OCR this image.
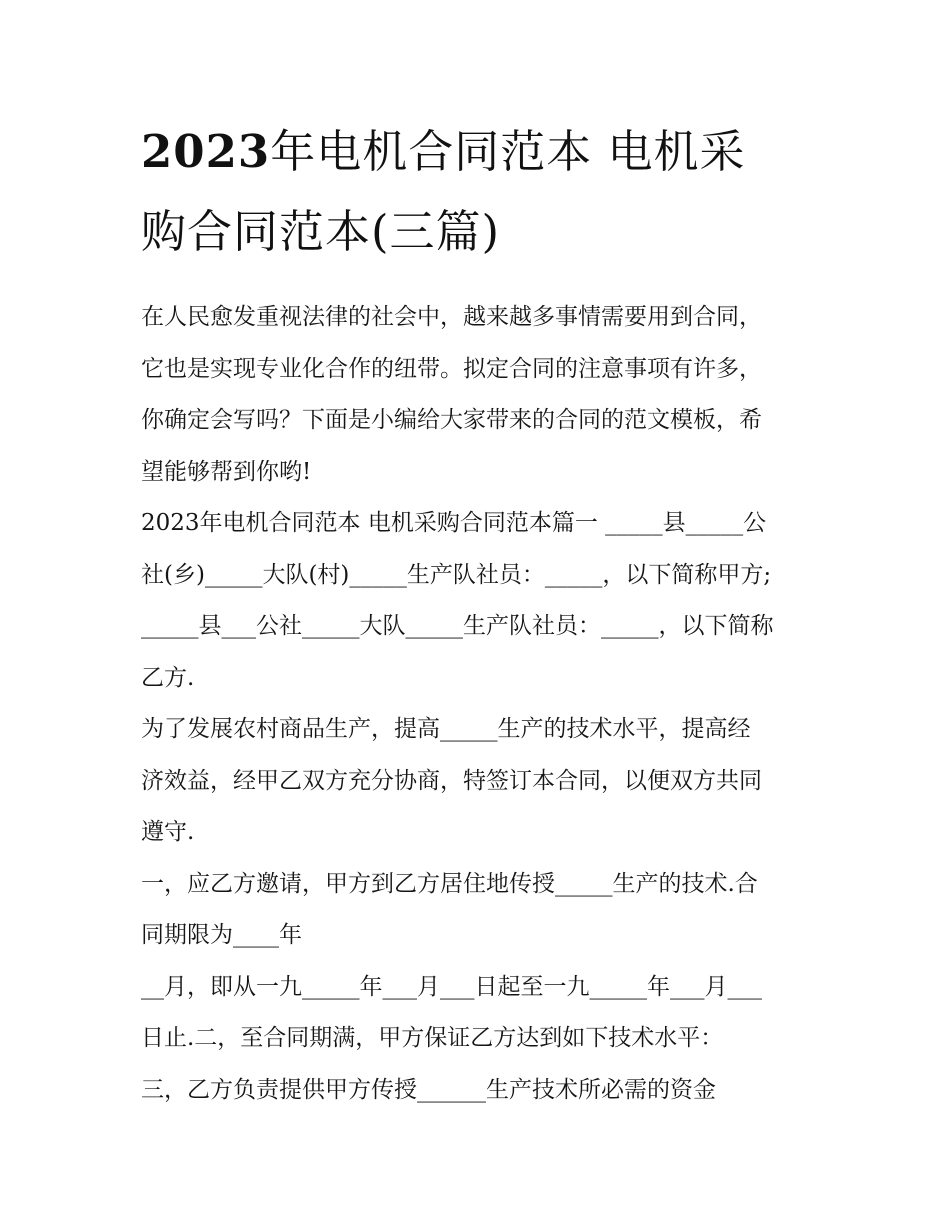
2023年电机合同范本 电机采
购合同范本(三篇)

在人民愈发重视法律的社会中，越来越多事情需要用到合同，
它也是实现专业化合作的纽带。拟定合同的注意事项有许多，
你确定会写吗？下面是小编给大家带来的合同的范文模板，希
望能够帮到你哟!

2023年电机合同范本 电机采购合同范本篇一 _____县_____公
社(乡)_____大队(村)_____生产队社员：_____，以下简称甲方;
_____县___公社_____大队_____生产队社员：_____，以下简称
乙方.

为了发展农村商品生产，提高_____生产的技术水平，提高经
济效益，经甲乙双方充分协商，特签订本合同，以便双方共同
遵守.

一，应乙方邀请，甲方到乙方居住地传授_____生产的技术.合
同期限为____年

__月，即从一九_____年___月___日起至一九_____年___月___
日止.二，至合同期满，甲方保证乙方达到如下技术水平：
三，乙方负责提供甲方传授______生产技术所必需的资金
